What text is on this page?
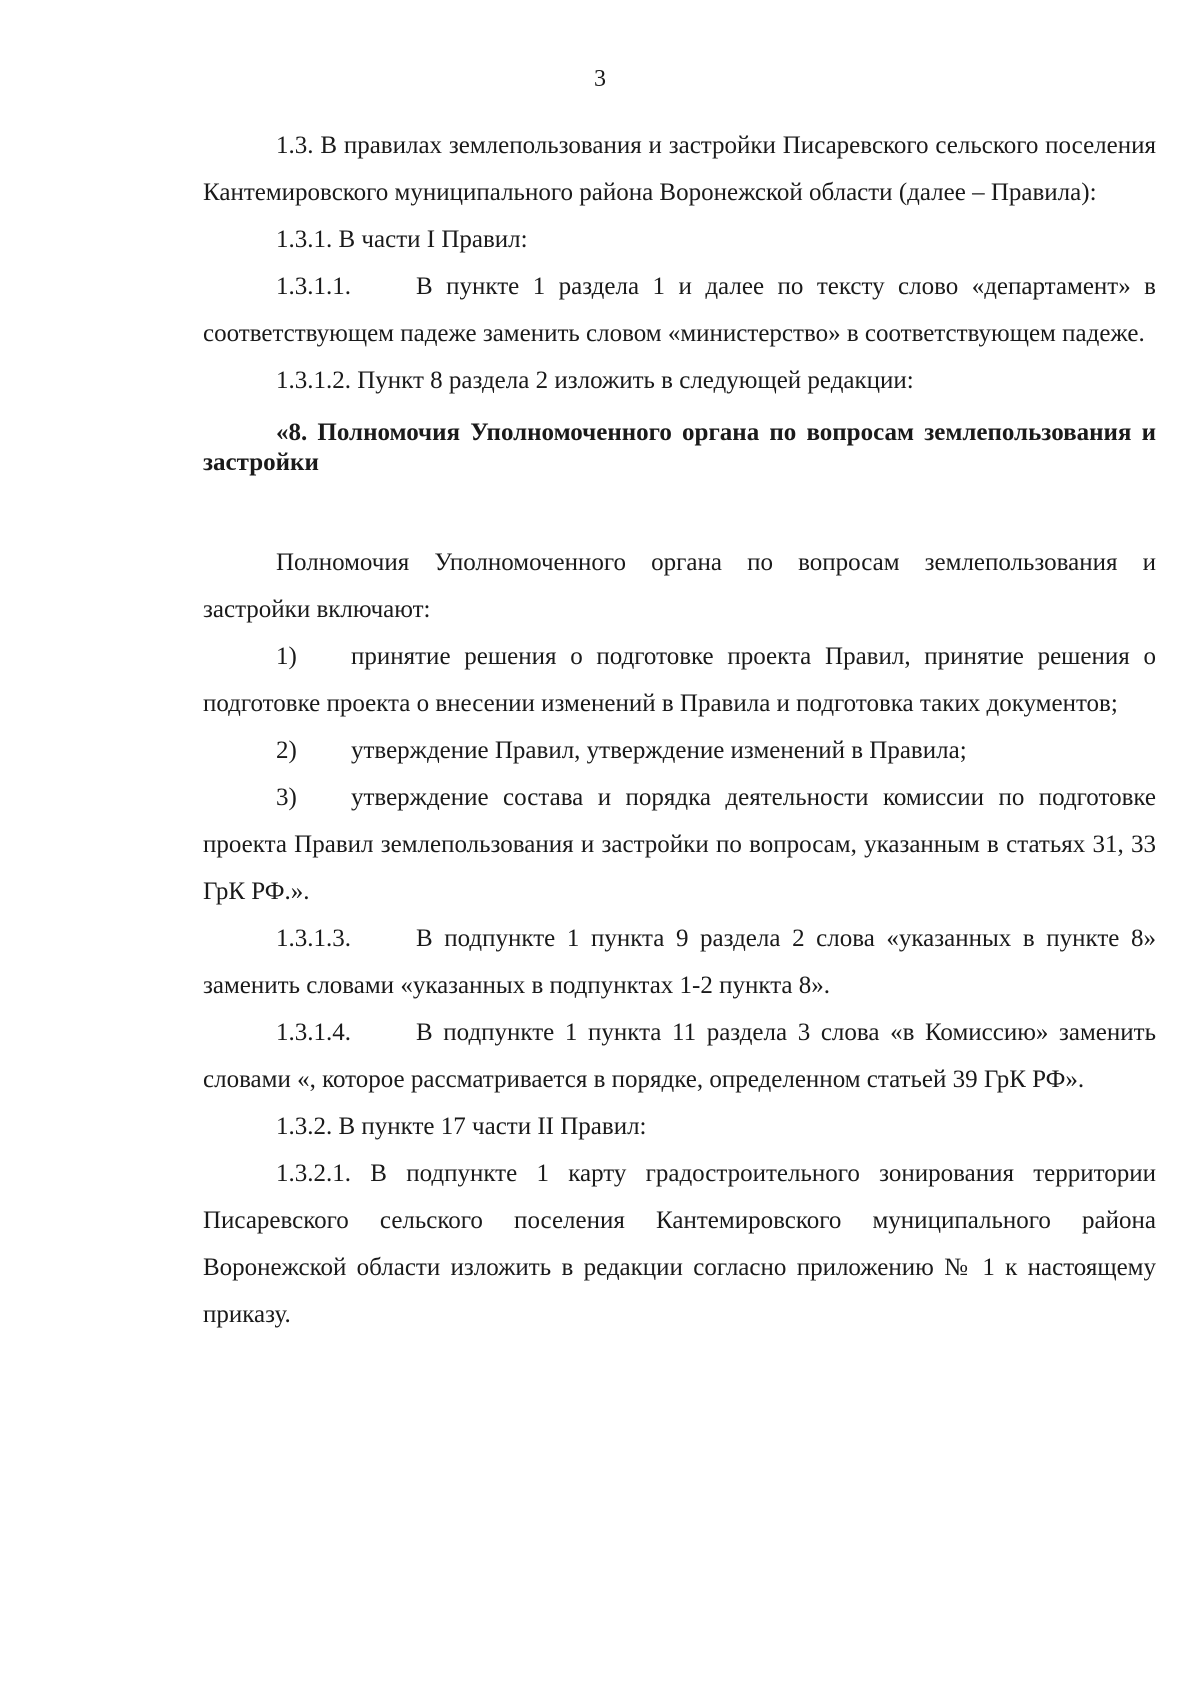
3

1.3. В правилах землепользования и застройки Писаревского сельского поселения Кантемировского муниципального района Воронежской области (далее – Правила):

1.3.1. В части I Правил:

1.3.1.1.	В пункте 1 раздела 1 и далее по тексту слово «департамент» в соответствующем падеже заменить словом «министерство» в соответствующем падеже.

1.3.1.2. Пункт 8 раздела 2 изложить в следующей редакции:

«8. Полномочия Уполномоченного органа по вопросам землепользования и застройки

Полномочия Уполномоченного органа по вопросам землепользования и застройки включают:

1) принятие решения о подготовке проекта Правил, принятие решения о подготовке проекта о внесении изменений в Правила и подготовка таких документов;

2) утверждение Правил, утверждение изменений в Правила;

3) утверждение состава и порядка деятельности комиссии по подготовке проекта Правил землепользования и застройки по вопросам, указанным в статьях 31, 33 ГрК РФ.».

1.3.1.3.	В подпункте 1 пункта 9 раздела 2 слова «указанных в пункте 8» заменить словами «указанных в подпунктах 1-2 пункта 8».

1.3.1.4.	В подпункте 1 пункта 11 раздела 3 слова «в Комиссию» заменить словами «, которое рассматривается в порядке, определенном статьей 39 ГрК РФ».

1.3.2. В пункте 17 части II Правил:

1.3.2.1. В подпункте 1 карту градостроительного зонирования территории Писаревского сельского поселения Кантемировского муниципального района Воронежской области изложить в редакции согласно приложению № 1 к настоящему приказу.
